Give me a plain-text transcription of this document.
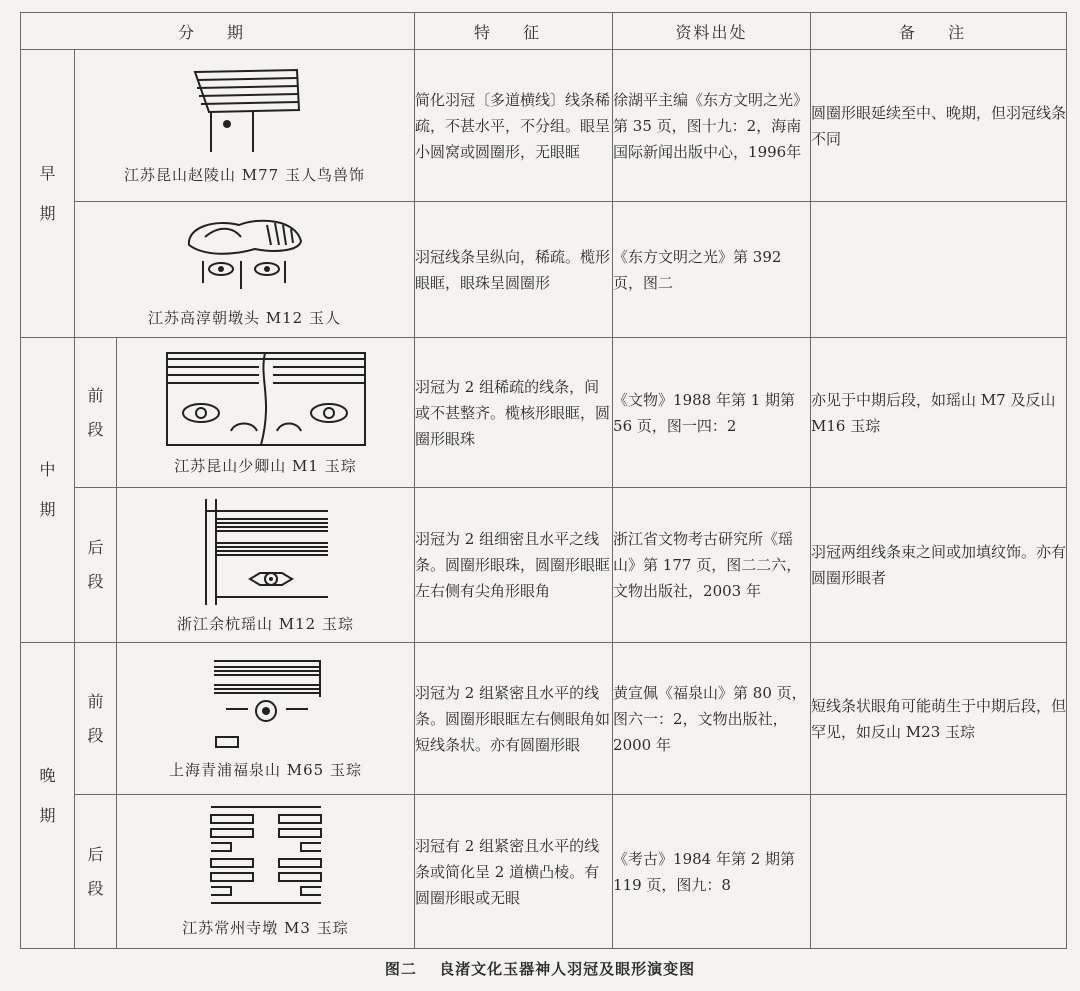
分 期			特 征	资料出处	备 注

早
期	江苏昆山赵陵山 M77 玉人鸟兽饰		简化羽冠〔多道横线〕线条稀疏，不甚水平，不分组。眼呈小圆窝或圆圈形，无眼眶	徐湖平主编《东方文明之光》第 35 页，图十九：2，海南国际新闻出版中心，1996年	圆圈形眼延续至中、晚期，但羽冠线条不同

	江苏高淳朝墩头 M12 玉人		羽冠线条呈纵向，稀疏。榄形眼眶，眼珠呈圆圈形	《东方文明之光》第 392 页，图二	

中
期	前
段	江苏昆山少卿山 M1 玉琮	羽冠为 2 组稀疏的线条，间或不甚整齐。榄核形眼眶，圆圈形眼珠	《文物》1988 年第 1 期第 56 页，图一四：2	亦见于中期后段，如瑶山 M7 及反山 M16 玉琮

	后
段	浙江余杭瑶山 M12 玉琮	羽冠为 2 组细密且水平之线条。圆圈形眼珠，圆圈形眼眶左右侧有尖角形眼角	浙江省文物考古研究所《瑶山》第 177 页，图二二六，文物出版社，2003 年	羽冠两组线条束之间或加填纹饰。亦有圆圈形眼者

晚
期	前
段	上海青浦福泉山 M65 玉琮	羽冠为 2 组紧密且水平的线条。圆圈形眼眶左右侧眼角如短线条状。亦有圆圈形眼	黄宣佩《福泉山》第 80 页，图六一：2，文物出版社，2000 年	短线条状眼角可能萌生于中期后段，但罕见，如反山 M23 玉琮

	后
段	江苏常州寺墩 M3 玉琮	羽冠有 2 组紧密且水平的线条或简化呈 2 道横凸棱。有圆圈形眼或无眼	《考古》1984 年第 2 期第 119 页，图九：8	
图二 良渚文化玉器神人羽冠及眼形演变图
